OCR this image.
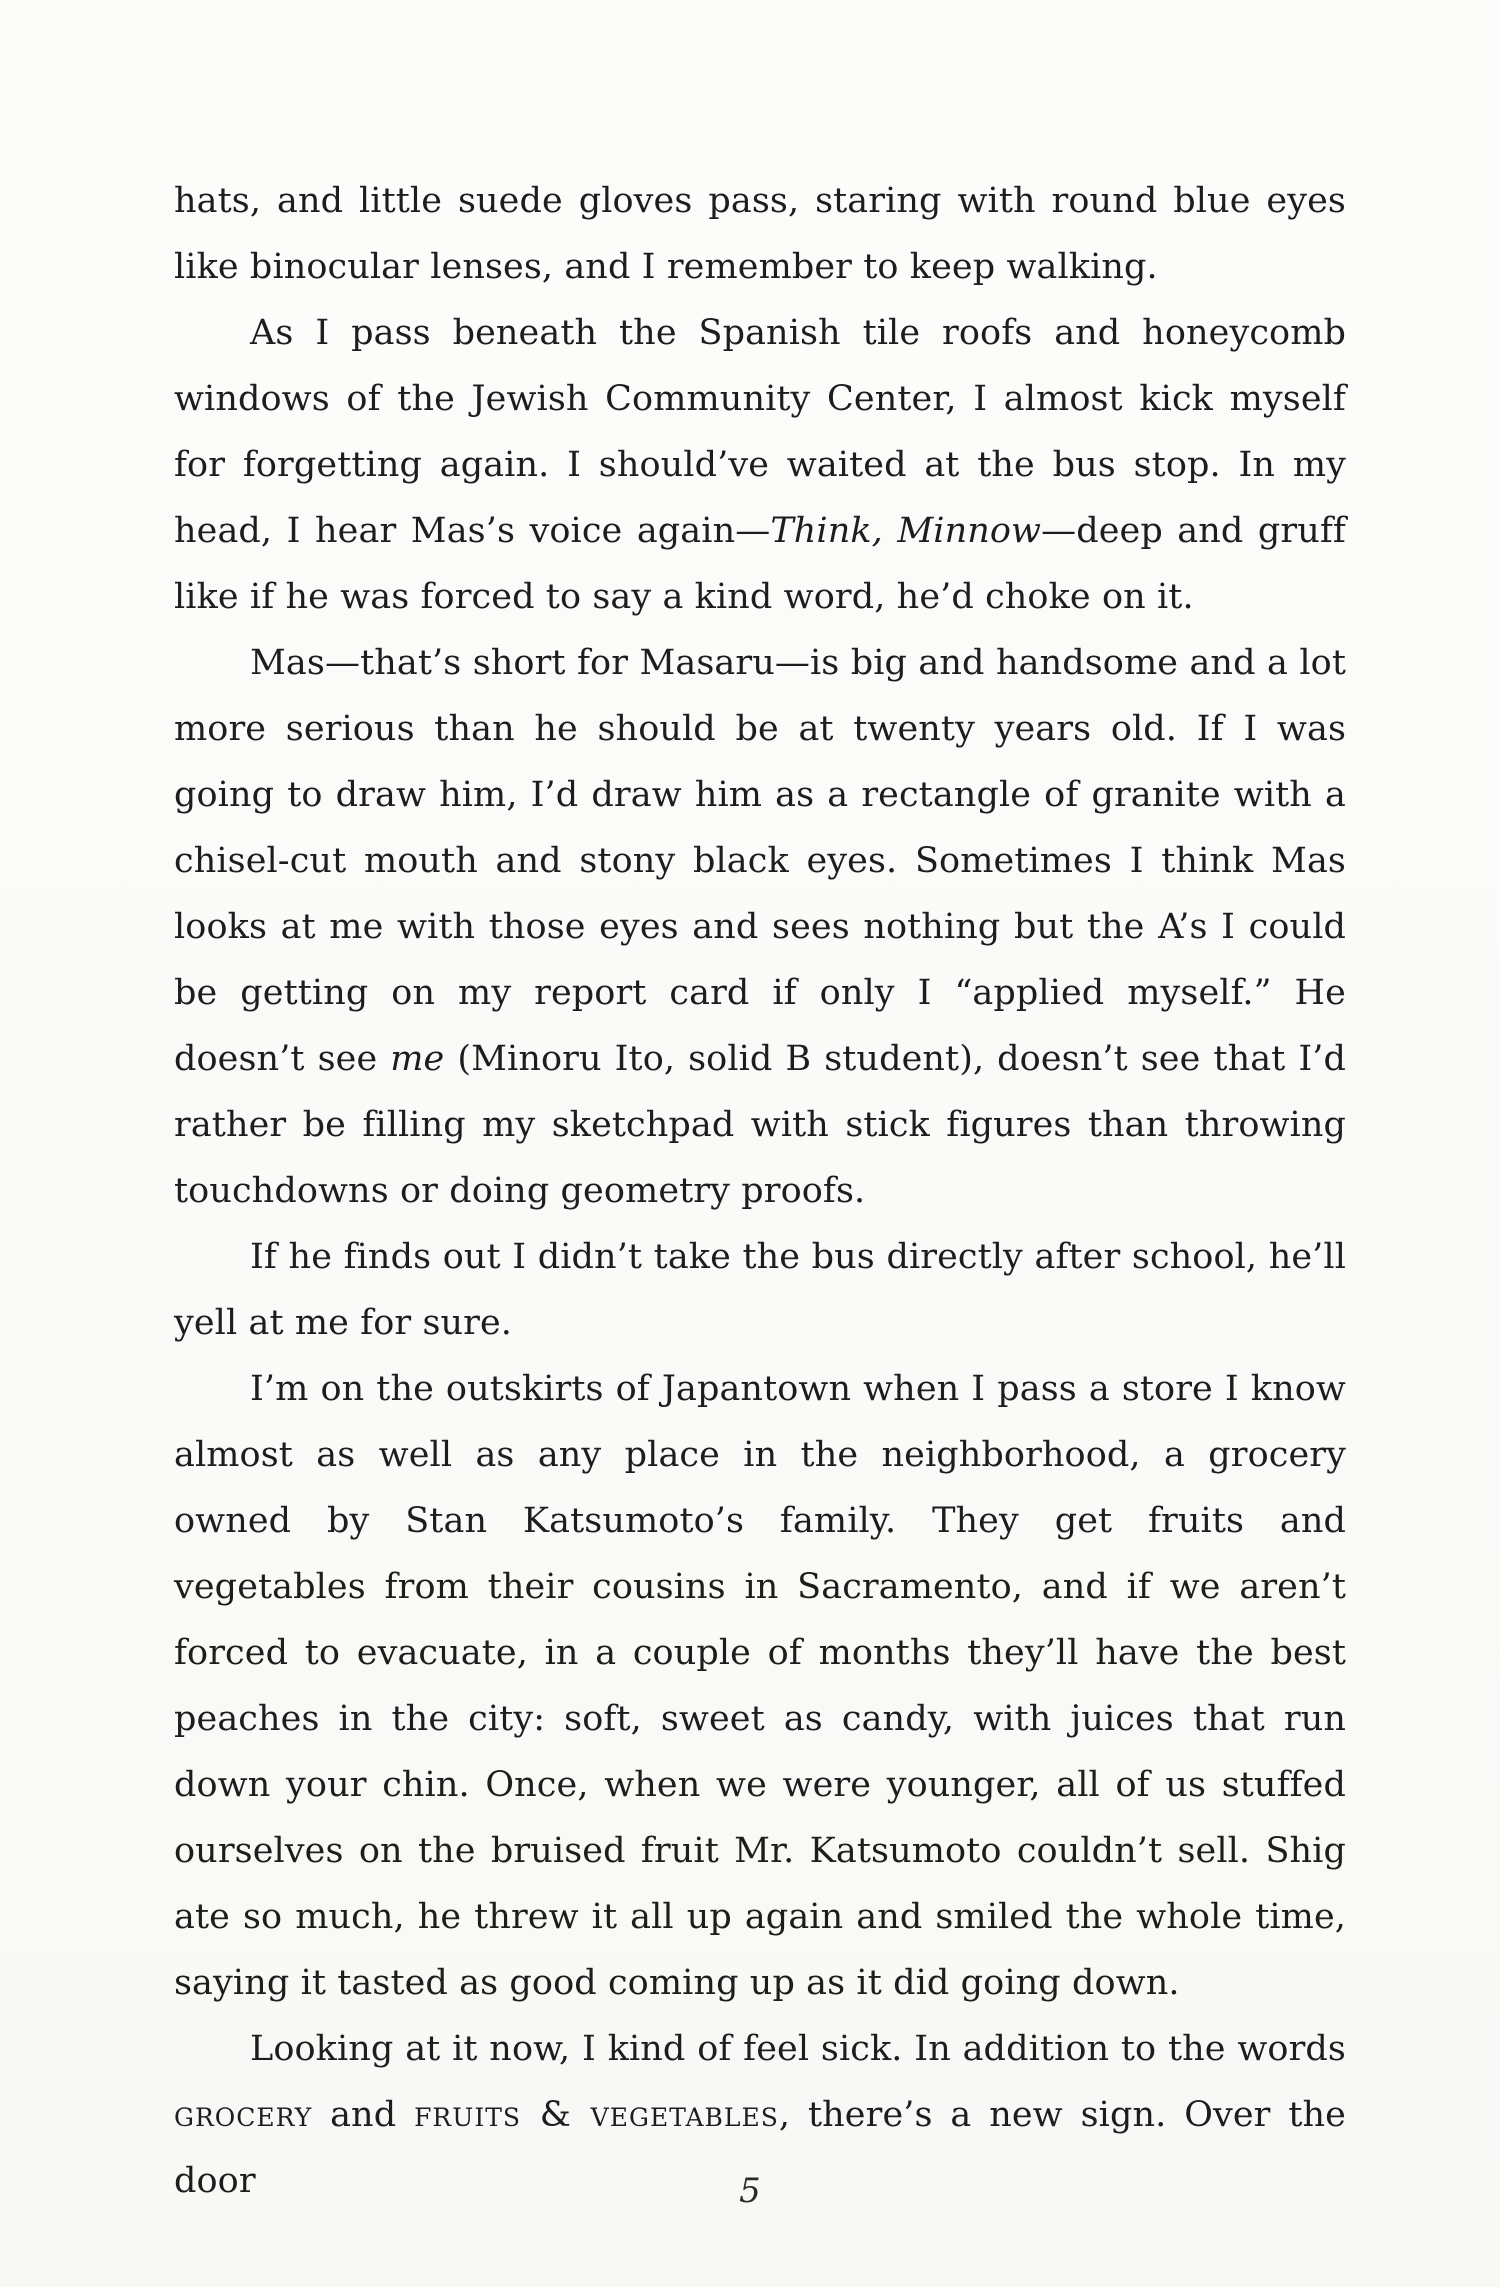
hats, and little suede gloves pass, staring with round blue eyes like binocular lenses, and I remember to keep walking.

As I pass beneath the Spanish tile roofs and honeycomb windows of the Jewish Community Center, I almost kick myself for forgetting again. I should’ve waited at the bus stop. In my head, I hear Mas’s voice again—Think, Minnow—deep and gruff like if he was forced to say a kind word, he’d choke on it.

Mas—that’s short for Masaru—is big and handsome and a lot more serious than he should be at twenty years old. If I was going to draw him, I’d draw him as a rectangle of granite with a chisel-cut mouth and stony black eyes. Sometimes I think Mas looks at me with those eyes and sees nothing but the A’s I could be getting on my report card if only I “applied myself.” He doesn’t see me (Minoru Ito, solid B student), doesn’t see that I’d rather be filling my sketchpad with stick figures than throwing touchdowns or doing geometry proofs.

If he finds out I didn’t take the bus directly after school, he’ll yell at me for sure.

I’m on the outskirts of Japantown when I pass a store I know almost as well as any place in the neighborhood, a grocery owned by Stan Katsumoto’s family. They get fruits and vegetables from their cousins in Sacramento, and if we aren’t forced to evacuate, in a couple of months they’ll have the best peaches in the city: soft, sweet as candy, with juices that run down your chin. Once, when we were younger, all of us stuffed ourselves on the bruised fruit Mr. Katsumoto couldn’t sell. Shig ate so much, he threw it all up again and smiled the whole time, saying it tasted as good coming up as it did going down.

Looking at it now, I kind of feel sick. In addition to the words grocery and fruits & vegetables, there’s a new sign. Over the door	5
